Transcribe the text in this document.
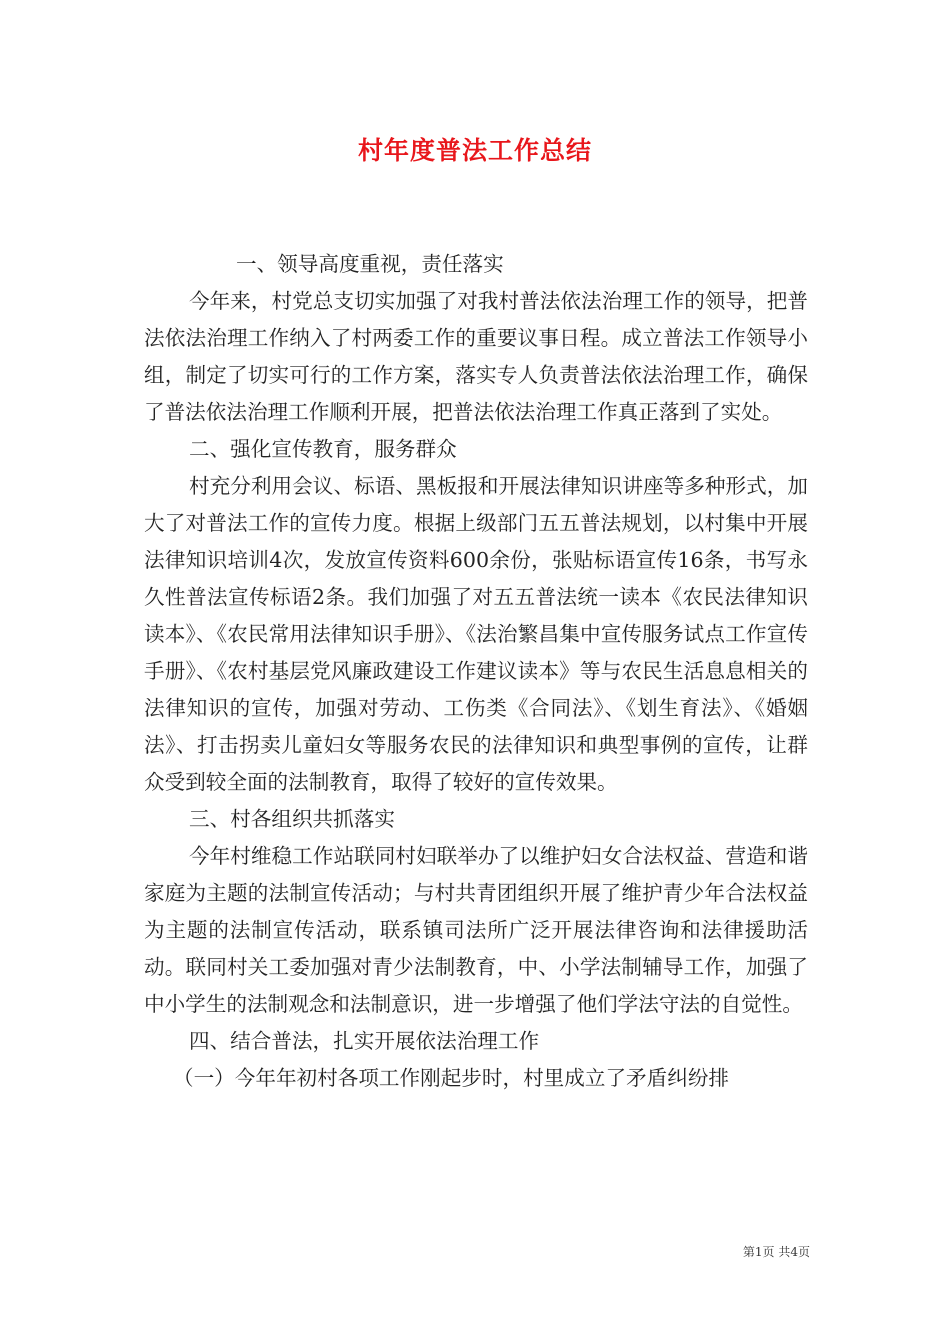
村年度普法工作总结

一、领导高度重视，责任落实

今年来，村党总支切实加强了对我村普法依法治理工作的领导，把普法依法治理工作纳入了村两委工作的重要议事日程。成立普法工作领导小组，制定了切实可行的工作方案，落实专人负责普法依法治理工作，确保了普法依法治理工作顺利开展，把普法依法治理工作真正落到了实处。

二、强化宣传教育，服务群众

村充分利用会议、标语、黑板报和开展法律知识讲座等多种形式，加大了对普法工作的宣传力度。根据上级部门五五普法规划，以村集中开展法律知识培训4次，发放宣传资料600余份，张贴标语宣传16条，书写永久性普法宣传标语2条。我们加强了对五五普法统一读本《农民法律知识读本》、《农民常用法律知识手册》、《法治繁昌集中宣传服务试点工作宣传手册》、《农村基层党风廉政建设工作建议读本》等与农民生活息息相关的法律知识的宣传，加强对劳动、工伤类《合同法》、《划生育法》、《婚姻法》、打击拐卖儿童妇女等服务农民的法律知识和典型事例的宣传，让群众受到较全面的法制教育，取得了较好的宣传效果。

三、村各组织共抓落实

今年村维稳工作站联同村妇联举办了以维护妇女合法权益、营造和谐家庭为主题的法制宣传活动；与村共青团组织开展了维护青少年合法权益为主题的法制宣传活动，联系镇司法所广泛开展法律咨询和法律援助活动。联同村关工委加强对青少法制教育，中、小学法制辅导工作，加强了中小学生的法制观念和法制意识，进一步增强了他们学法守法的自觉性。

四、结合普法，扎实开展依法治理工作

（一）今年年初村各项工作刚起步时，村里成立了矛盾纠纷排

第1页 共4页
